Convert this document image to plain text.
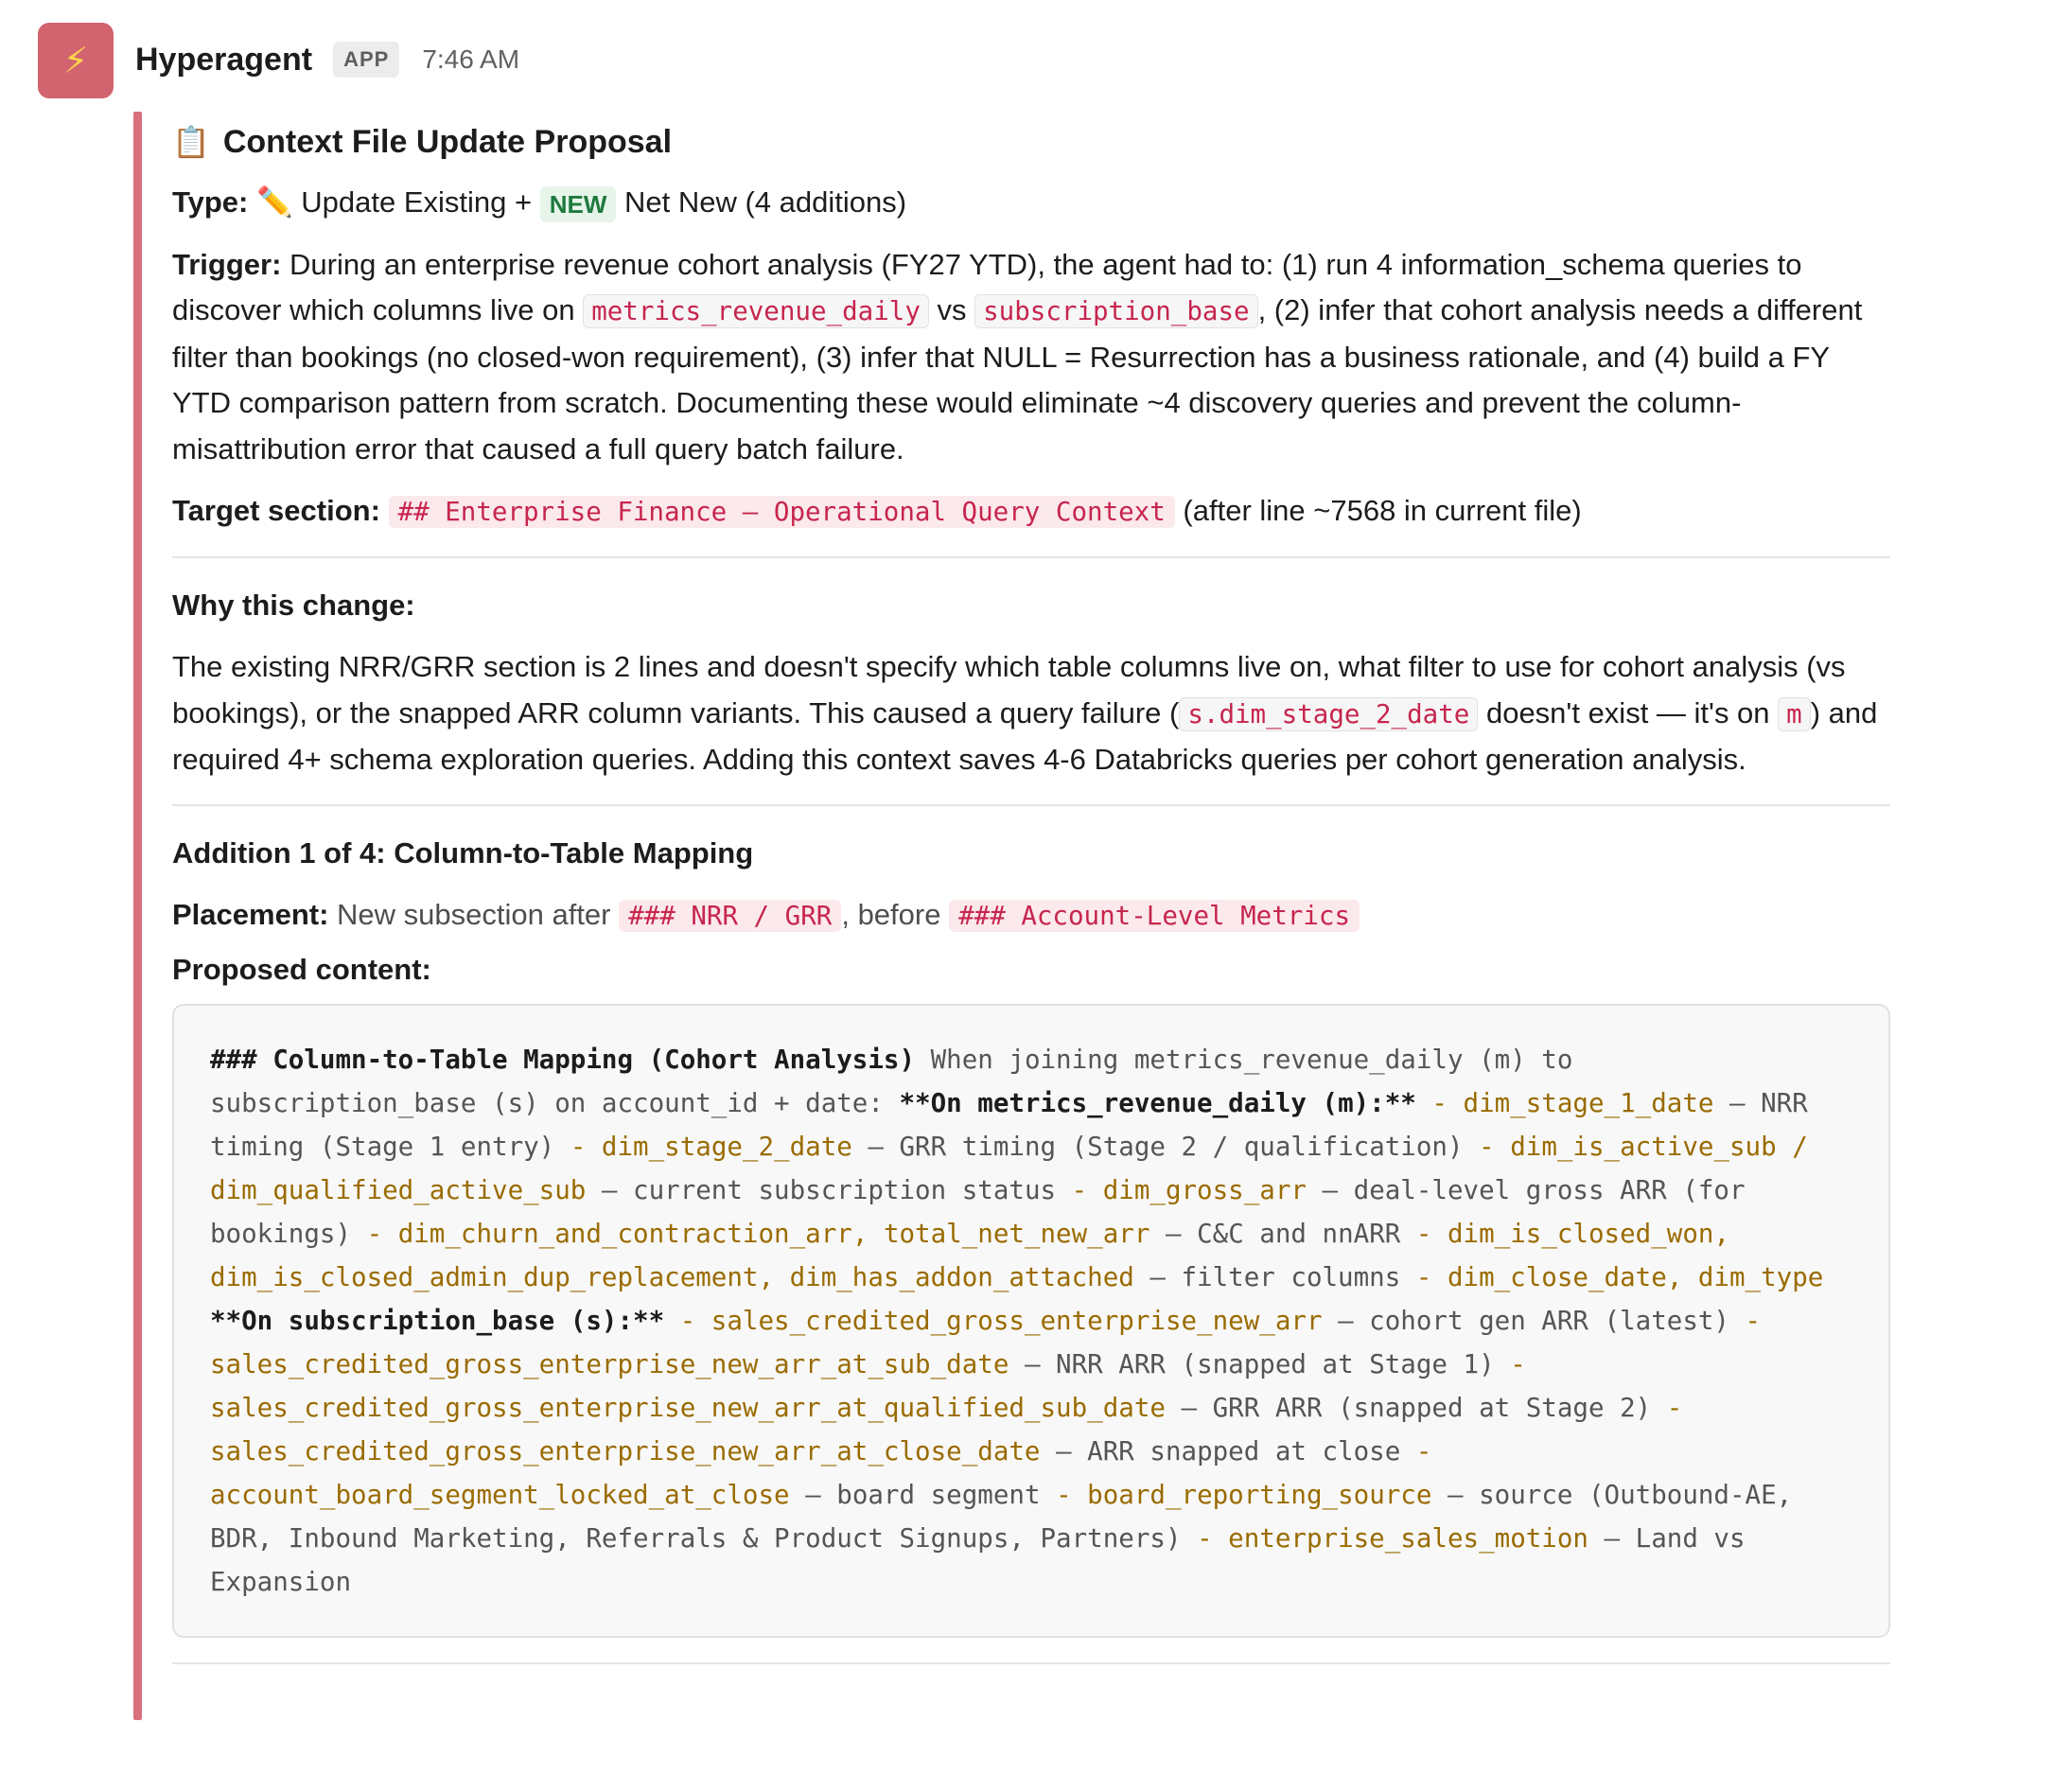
⚡ Hyperagent	APP	7:46 AM
📋 Context File Update Proposal

Type: ✏️ Update Existing + NEW Net New (4 additions)

Trigger: During an enterprise revenue cohort analysis (FY27 YTD), the agent had to: (1) run 4 information_schema queries to discover which columns live on metrics_revenue_daily vs subscription_base , (2) infer that cohort analysis needs a different filter than bookings (no closed-won requirement), (3) infer that NULL = Resurrection has a business rationale, and (4) build a FY YTD comparison pattern from scratch. Documenting these would eliminate ~4 discovery queries and prevent the column-misattribution error that caused a full query batch failure.

Target section: ## Enterprise Finance — Operational Query Context (after line ~7568 in current file)

Why this change:

The existing NRR/GRR section is 2 lines and doesn't specify which table columns live on, what filter to use for cohort analysis (vs bookings), or the snapped ARR column variants. This caused a query failure ( s.dim_stage_2_date doesn't exist — it's on m ) and required 4+ schema exploration queries. Adding this context saves 4-6 Databricks queries per cohort generation analysis.

Addition 1 of 4: Column-to-Table Mapping

Placement: New subsection after ### NRR / GRR , before ### Account-Level Metrics

Proposed content:

### Column-to-Table Mapping (Cohort Analysis) When joining metrics_revenue_daily (m) to subscription_base (s) on account_id + date: **On metrics_revenue_daily (m):** - dim_stage_1_date — NRR timing (Stage 1 entry) - dim_stage_2_date — GRR timing (Stage 2 / qualification) - dim_is_active_sub / dim_qualified_active_sub — current subscription status - dim_gross_arr — deal-level gross ARR (for bookings) - dim_churn_and_contraction_arr, total_net_new_arr — C&C and nnARR - dim_is_closed_won, dim_is_closed_admin_dup_replacement, dim_has_addon_attached — filter columns - dim_close_date, dim_type **On subscription_base (s):** - sales_credited_gross_enterprise_new_arr — cohort gen ARR (latest) - sales_credited_gross_enterprise_new_arr_at_sub_date — NRR ARR (snapped at Stage 1) - sales_credited_gross_enterprise_new_arr_at_qualified_sub_date — GRR ARR (snapped at Stage 2) - sales_credited_gross_enterprise_new_arr_at_close_date — ARR snapped at close - account_board_segment_locked_at_close — board segment - board_reporting_source — source (Outbound-AE, BDR, Inbound Marketing, Referrals & Product Signups, Partners) - enterprise_sales_motion — Land vs Expansion
